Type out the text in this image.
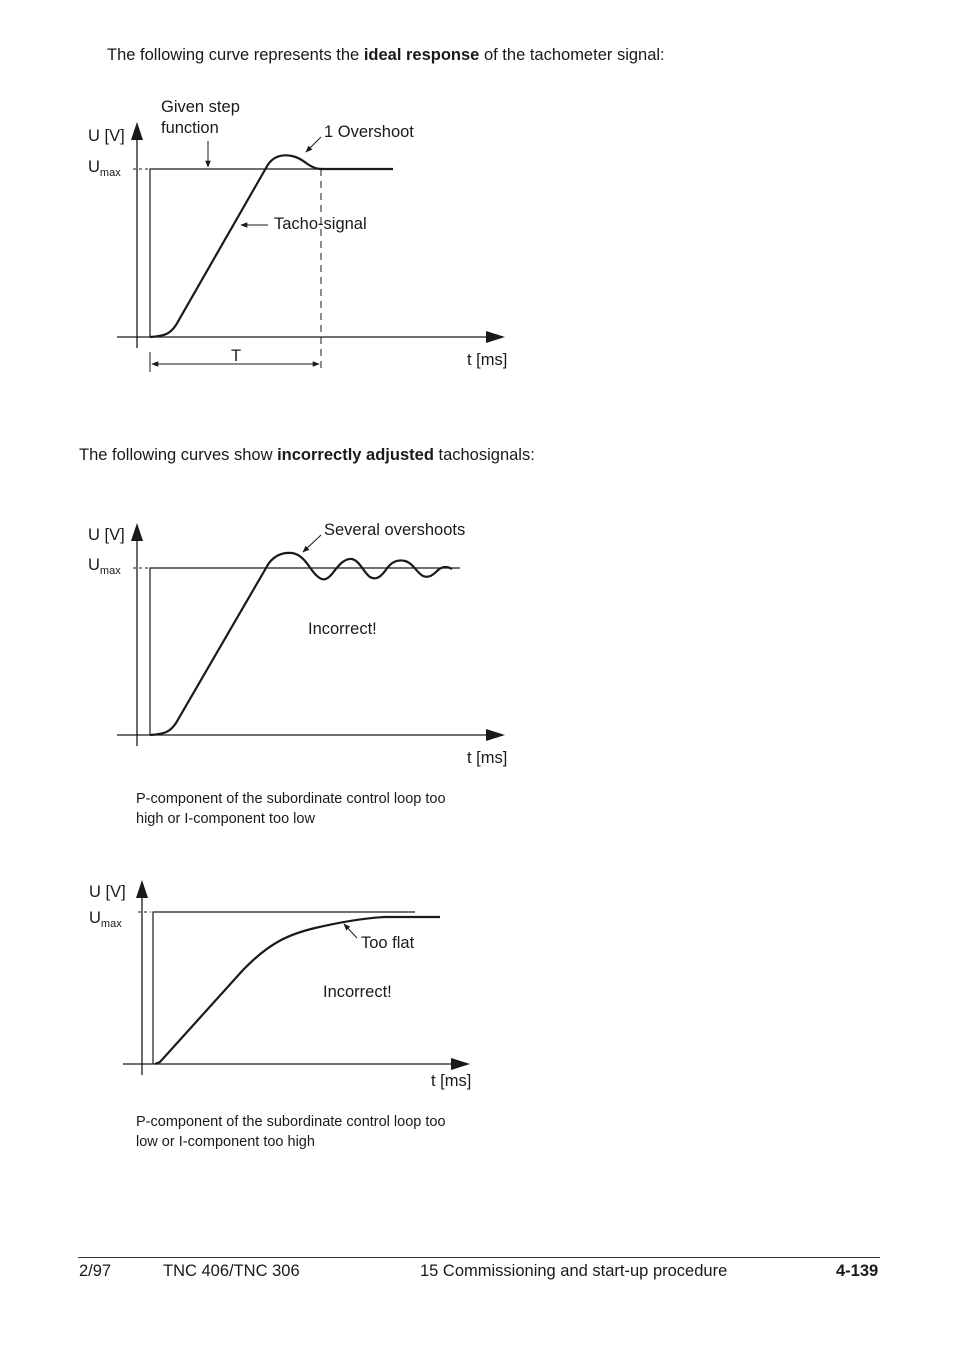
The following curve represents the ideal response of the tachometer signal:
U [V]
$U_{max}$
t [ms]
Given step
function	1 Overshoot
Tacho-signal
T
The following curves show incorrectly adjusted tachosignals:
U [V]
$U_{max}$
t [ms]
Several overshoots
Incorrect!
P-component of the subordinate control loop too
high or I-component too low
U [V]
$U_{max}$
t [ms]
Too flat
Incorrect!
P-component of the subordinate control loop too
low or I-component too high
2/97	TNC 406/TNC 306	15 Commissioning and start-up procedure	4-139
